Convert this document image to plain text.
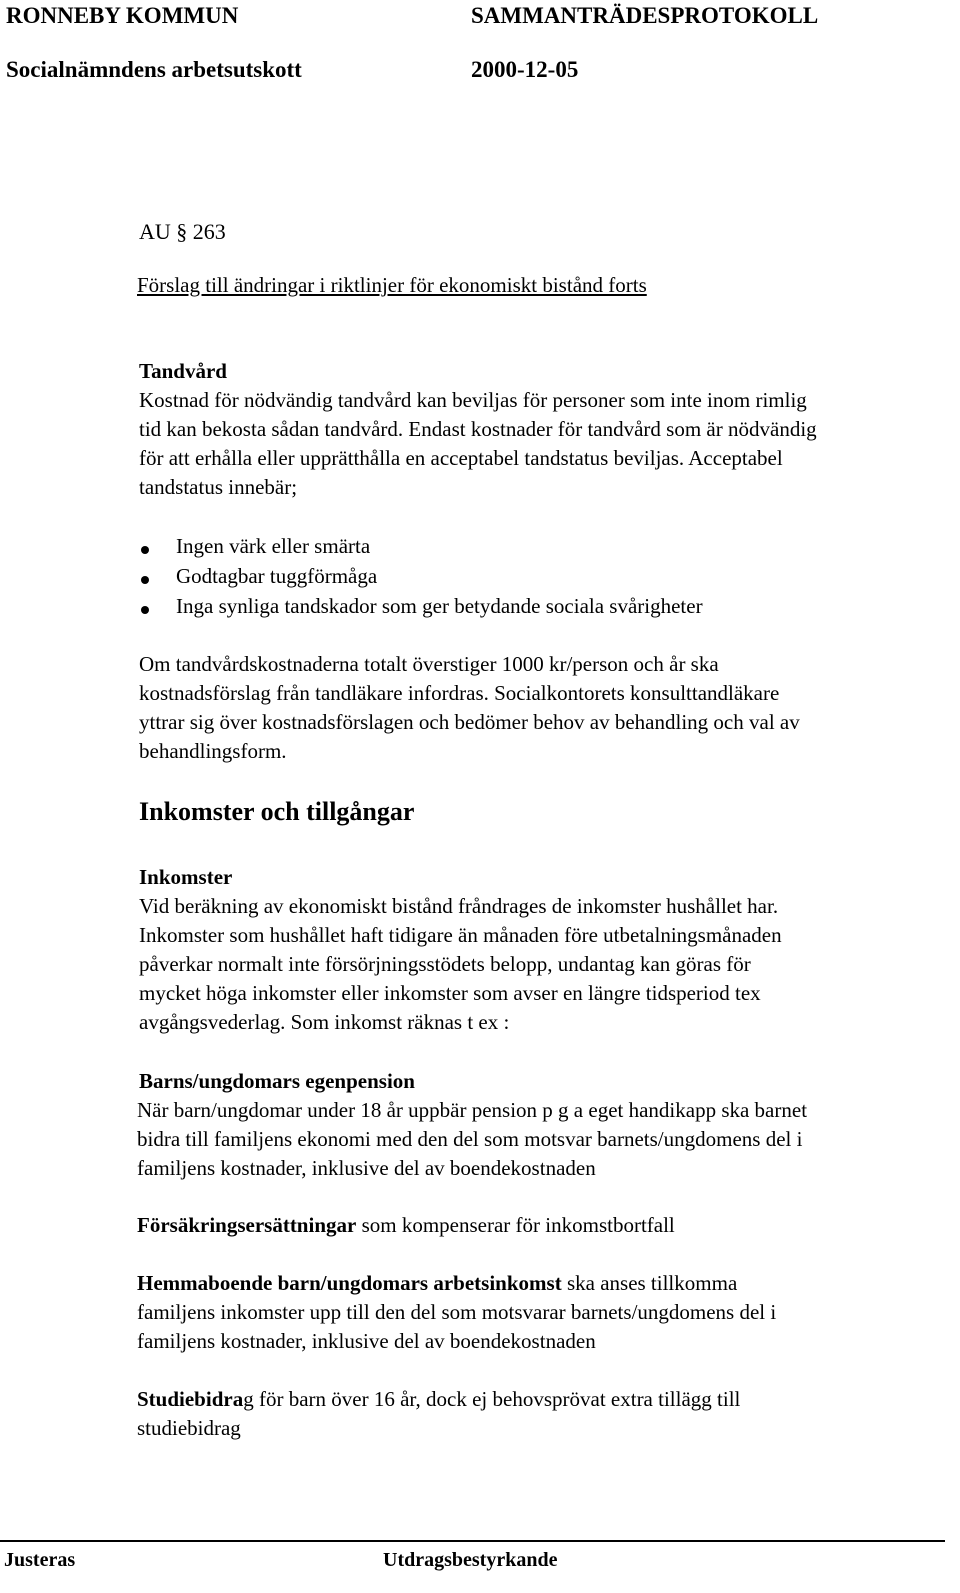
RONNEBY KOMMUN	SAMMANTRÄDESPROTOKOLL
Socialnämndens arbetsutskott	2000-12-05
AU § 263
Förslag till ändringar i riktlinjer för ekonomiskt bistånd forts
Tandvård
Kostnad för nödvändig tandvård kan beviljas för personer som inte inom rimlig
tid kan bekosta sådan tandvård. Endast kostnader för tandvård som är nödvändig
för att erhålla eller upprätthålla en acceptabel tandstatus beviljas. Acceptabel
tandstatus innebär;
Ingen värk eller smärta
Godtagbar tuggförmåga
Inga synliga tandskador som ger betydande sociala svårigheter
Om tandvårdskostnaderna totalt överstiger 1000 kr/person och år ska
kostnadsförslag från tandläkare infordras. Socialkontorets konsulttandläkare
yttrar sig över kostnadsförslagen och bedömer behov av behandling och val av
behandlingsform.
Inkomster och tillgångar
Inkomster
Vid beräkning av ekonomiskt bistånd fråndrages de inkomster hushållet har.
Inkomster som hushållet haft tidigare än månaden före utbetalningsmånaden
påverkar normalt inte försörjningsstödets belopp, undantag kan göras för
mycket höga inkomster eller inkomster som avser en längre tidsperiod tex
avgångsvederlag. Som inkomst räknas t ex :
Barns/ungdomars egenpension
När barn/ungdomar under 18 år uppbär pension p g a eget handikapp ska barnet
bidra till familjens ekonomi med den del som motsvar barnets/ungdomens del i
familjens kostnader, inklusive del av boendekostnaden
Försäkringsersättningar som kompenserar för inkomstbortfall
Hemmaboende barn/ungdomars arbetsinkomst ska anses tillkomma
familjens inkomster upp till den del som motsvarar barnets/ungdomens del i
familjens kostnader, inklusive del av boendekostnaden
Studiebidrag för barn över 16 år, dock ej behovsprövat extra tillägg till
studiebidrag
Justeras	Utdragsbestyrkande
